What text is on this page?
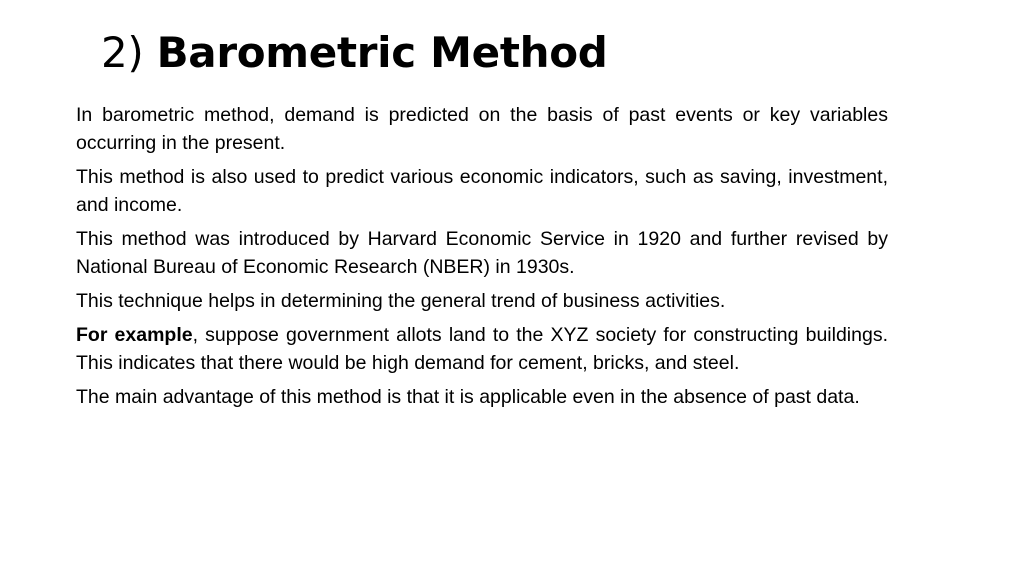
2) Barometric Method

In barometric method, demand is predicted on the basis of past events or key variables occurring in the present.

This method is also used to predict various economic indicators, such as saving, investment, and income.

This method was introduced by Harvard Economic Service in 1920 and further revised by National Bureau of Economic Research (NBER) in 1930s.

This technique helps in determining the general trend of business activities.

For example, suppose government allots land to the XYZ society for constructing buildings. This indicates that there would be high demand for cement, bricks, and steel.

The main advantage of this method is that it is applicable even in the absence of past data.
